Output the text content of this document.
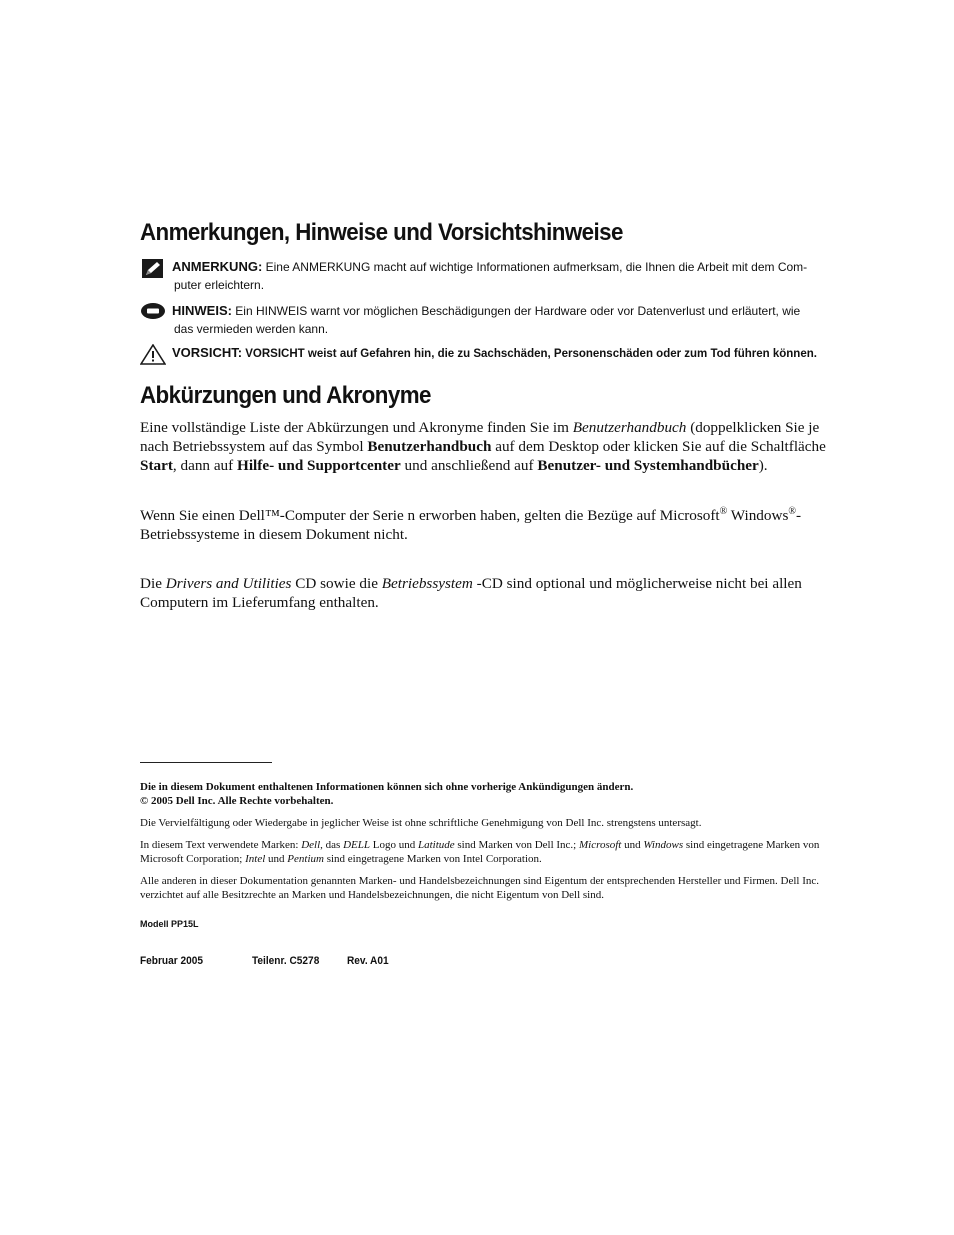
Anmerkungen, Hinweise und Vorsichtshinweise
ANMERKUNG: Eine ANMERKUNG macht auf wichtige Informationen aufmerksam, die Ihnen die Arbeit mit dem Com-
puter erleichtern.
HINWEIS: Ein HINWEIS warnt vor möglichen Beschädigungen der Hardware oder vor Datenverlust und erläutert, wie
das vermieden werden kann.
VORSICHT: VORSICHT weist auf Gefahren hin, die zu Sachschäden, Personenschäden oder zum Tod führen können.
Abkürzungen und Akronyme

Eine vollständige Liste der Abkürzungen und Akronyme finden Sie im Benutzerhandbuch (doppelklicken Sie je nach Betriebssystem auf das Symbol Benutzerhandbuch auf dem Desktop oder klicken Sie auf die Schaltfläche Start, dann auf Hilfe- und Supportcenter und anschließend auf Benutzer- und Systemhandbücher).

Wenn Sie einen Dell™-Computer der Serie n erworben haben, gelten die Bezüge auf Microsoft® Windows®-Betriebssysteme in diesem Dokument nicht.

Die Drivers and Utilities CD sowie die Betriebssystem -CD sind optional und möglicherweise nicht bei allen Computern im Lieferumfang enthalten.

Die in diesem Dokument enthaltenen Informationen können sich ohne vorherige Ankündigungen ändern.
© 2005 Dell Inc. Alle Rechte vorbehalten.

Die Vervielfältigung oder Wiedergabe in jeglicher Weise ist ohne schriftliche Genehmigung von Dell Inc. strengstens untersagt.

In diesem Text verwendete Marken: Dell, das DELL Logo und Latitude sind Marken von Dell Inc.; Microsoft und Windows sind eingetragene Marken von Microsoft Corporation; Intel und Pentium sind eingetragene Marken von Intel Corporation.

Alle anderen in dieser Dokumentation genannten Marken- und Handelsbezeichnungen sind Eigentum der entsprechenden Hersteller und Firmen. Dell Inc. verzichtet auf alle Besitzrechte an Marken und Handelsbezeichnungen, die nicht Eigentum von Dell sind.

Modell PP15L
Februar 2005	Teilenr. C5278	Rev. A01
